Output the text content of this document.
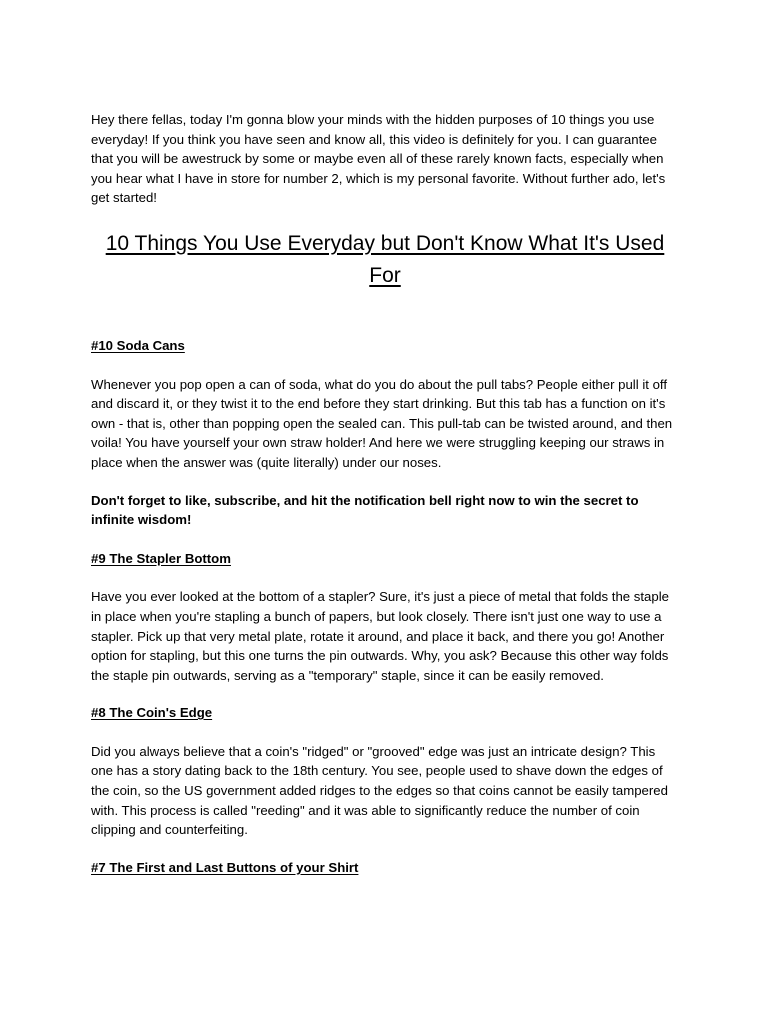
Hey there fellas, today I'm gonna blow your minds with the hidden purposes of 10 things you use everyday! If you think you have seen and know all, this video is definitely for you. I can guarantee that you will be awestruck by some or maybe even all of these rarely known facts, especially when you hear what I have in store for number 2, which is my personal favorite. Without further ado, let's get started!

10 Things You Use Everyday but Don't Know What It's Used For

#10 Soda Cans

Whenever you pop open a can of soda, what do you do about the pull tabs? People either pull it off and discard it, or they twist it to the end before they start drinking. But this tab has a function on it's own - that is, other than popping open the sealed can. This pull-tab can be twisted around, and then voila! You have yourself your own straw holder! And here we were struggling keeping our straws in place when the answer was (quite literally) under our noses.

Don't forget to like, subscribe, and hit the notification bell right now to win the secret to infinite wisdom!

#9 The Stapler Bottom

Have you ever looked at the bottom of a stapler? Sure, it's just a piece of metal that folds the staple in place when you're stapling a bunch of papers, but look closely. There isn't just one way to use a stapler. Pick up that very metal plate, rotate it around, and place it back, and there you go! Another option for stapling, but this one turns the pin outwards. Why, you ask? Because this other way folds the staple pin outwards, serving as a "temporary" staple, since it can be easily removed.

#8 The Coin's Edge

Did you always believe that a coin's "ridged" or "grooved" edge was just an intricate design? This one has a story dating back to the 18th century. You see, people used to shave down the edges of the coin, so the US government added ridges to the edges so that coins cannot be easily tampered with. This process is called "reeding" and it was able to significantly reduce the number of coin clipping and counterfeiting.

#7 The First and Last Buttons of your Shirt
